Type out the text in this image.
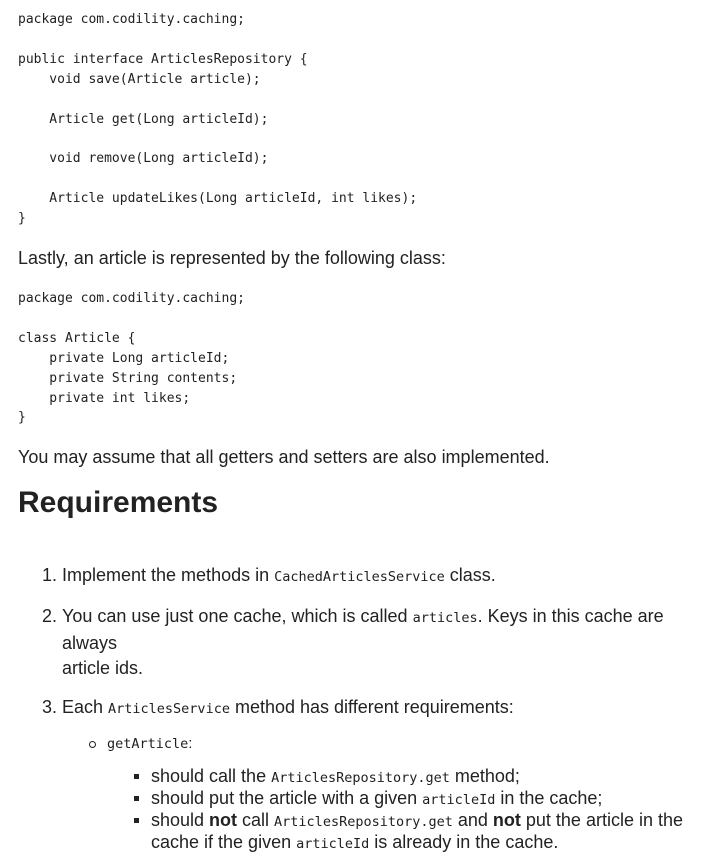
package com.codility.caching;

public interface ArticlesRepository {
void save(Article article);

Article get(Long articleId);

void remove(Long articleId);

Article updateLikes(Long articleId, int likes);
}

Lastly, an article is represented by the following class:

package com.codility.caching;

class Article {
private Long articleId;
private String contents;
private int likes;
}

You may assume that all getters and setters are also implemented.

Requirements
1. Implement the methods in CachedArticlesService class.
2. You can use just one cache, which is called articles. Keys in this cache are always
article ids.
3. Each ArticlesService method has different requirements:
getArticle:
should call the ArticlesRepository.get method;
should put the article with a given articleId in the cache;
should not call ArticlesRepository.get and not put the article in the
cache if the given articleId is already in the cache.
